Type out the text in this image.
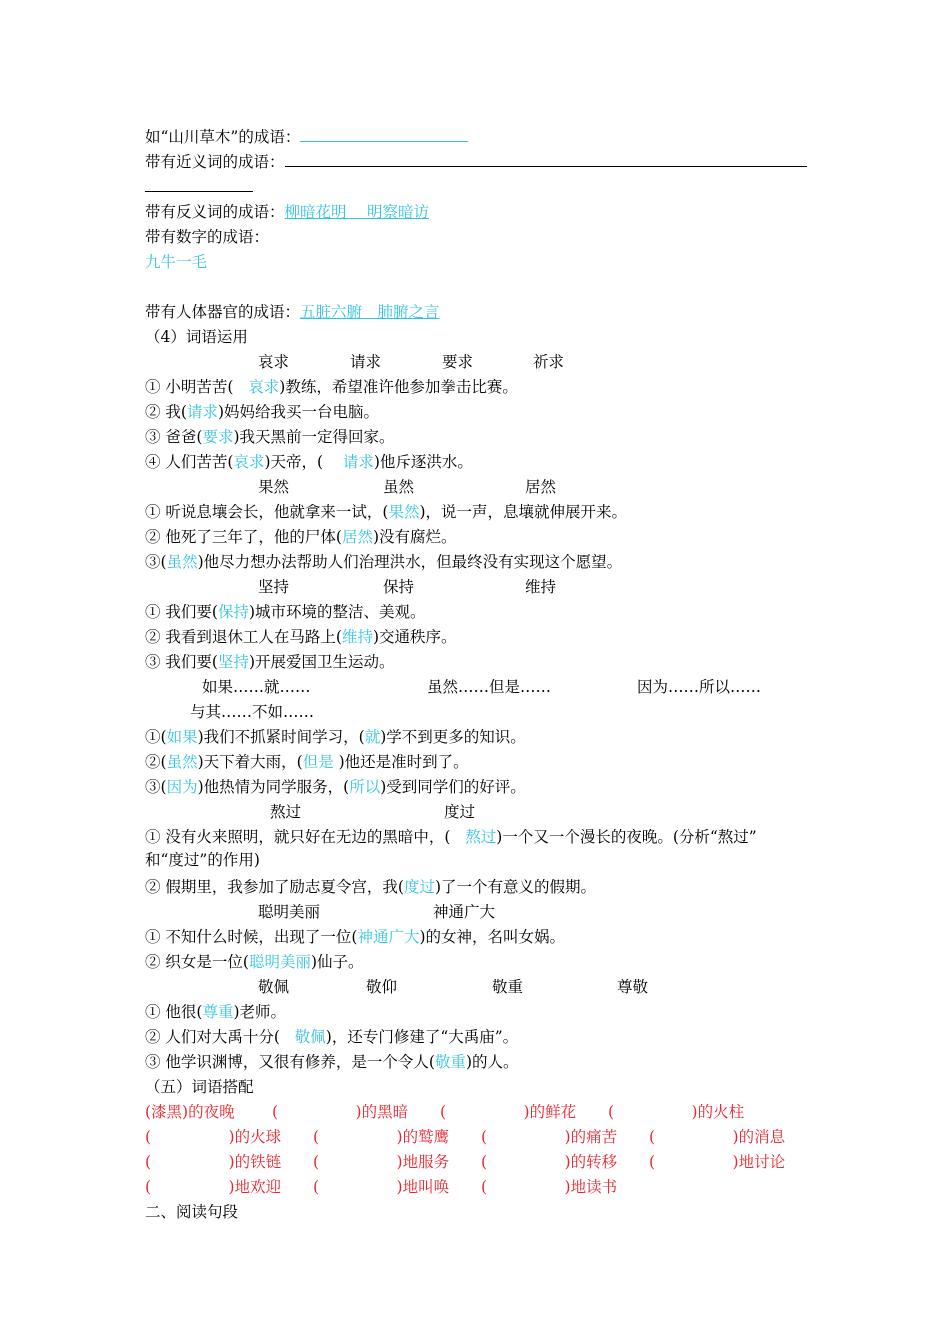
如“山川草木”的成语：
带有近义词的成语：
带有反义词的成语：柳暗花明　 明察暗访
带有数字的成语：
九牛一毛
带有人体器官的成语：五脏六腑　肺腑之言
（4）词语运用
哀求	请求	要求	祈求
① 小明苦苦( 哀求)教练，希望准许他参加拳击比赛。
② 我(请求)妈妈给我买一台电脑。
③ 爸爸(要求)我天黑前一定得回家。
④ 人们苦苦(哀求)天帝，( 请求)他斥逐洪水。
果然	虽然	居然
① 听说息壤会长，他就拿来一试，(果然)，说一声，息壤就伸展开来。
② 他死了三年了，他的尸体(居然)没有腐烂。
③(虽然)他尽力想办法帮助人们治理洪水，但最终没有实现这个愿望。
坚持	保持	维持
① 我们要(保持)城市环境的整洁、美观。
② 我看到退休工人在马路上(维持)交通秩序。
③ 我们要(坚持)开展爱国卫生运动。
如果……就……	虽然……但是……	因为……所以……
与其……不如……
①(如果)我们不抓紧时间学习，(就)学不到更多的知识。
②(虽然)天下着大雨，(但是 )他还是准时到了。
③(因为)他热情为同学服务，(所以)受到同学们的好评。
熬过	度过
① 没有火来照明，就只好在无边的黑暗中，( 熬过)一个又一个漫长的夜晚。(分析“熬过”
和“度过”的作用)
② 假期里，我参加了励志夏令宫，我(度过)了一个有意义的假期。
聪明美丽	神通广大
① 不知什么时候，出现了一位(神通广大)的女神，名叫女娲。
② 织女是一位(聪明美丽)仙子。
敬佩	敬仰	敬重	尊敬
① 他很(尊重)老师。
② 人们对大禹十分( 敬佩)，还专门修建了“大禹庙”。
③ 他学识渊博，又很有修养，是一个令人(敬重)的人。
（五）词语搭配
(漆黑)的夜晚 (　　　　　)的黑暗 (　　　　　)的鲜花 (　　　　　)的火柱
(　　　　　)的火球 (　　　　　)的鹫鹰 (　　　　　)的痛苦 (　　　　　)的消息
(　　　　　)的铁链 (　　　　　)地服务 (　　　　　)的转移 (　　　　　)地讨论
(　　　　　)地欢迎 (　　　　　)地叫唤 (　　　　　)地读书
二、阅读句段
